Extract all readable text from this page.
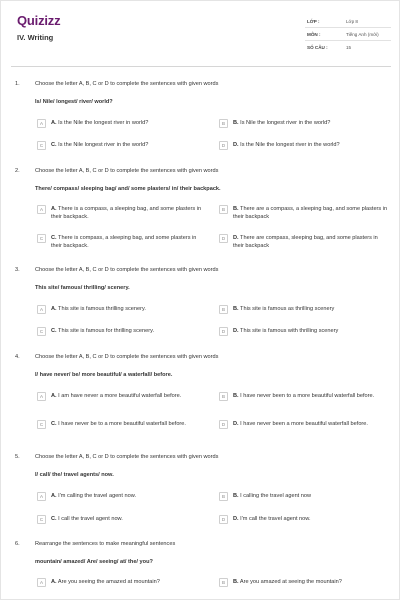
Quizizz
IV. Writing
LỚP :	Lớp 8
MÔN :	Tiếng Anh (mới)
SỐ CÂU :	15
1.	Choose the letter A, B, C or D to complete the sentences with given words
Is/ Nile/ longest/ river/ world?
A	A. Is the Nile the longest river in world?	B	B. Is Nile the longest river in the world?
C	C. Is the Nile longest river in the world?	D	D. Is the Nile the longest river in the world?
2.	Choose the letter A, B, C or D to complete the sentences with given words
There/ compass/ sleeping bag/ and/ some plasters/ in/ their backpack.
A	A. There is a compass, a sleeping bag, and some plasters in their backpack.
B	B. There are a compass, a sleeping bag, and some plasters in their backpack
C	C. There is compass, a sleeping bag, and some plasters in their backpack.
D	D. There are compass, sleeping bag, and some plasters in their backpack
3.	Choose the letter A, B, C or D to complete the sentences with given words
This site/ famous/ thrilling/ scenery.
A	A. This site is famous thrilling scenery.	B	B. This site is famous as thrilling scenery
C	C. This site is famous for thrilling scenery.	D	D. This site is famous with thrilling scenery
4.	Choose the letter A, B, C or D to complete the sentences with given words
I/ have never/ be/ more beautiful/ a waterfall/ before.
A	A. I am have never a more beautiful waterfall before.	B	B. I have never been to a more beautiful waterfall before.
C	C. I have never be to a more beautiful waterfall before.	D	D. I have never been a more beautiful waterfall before.
5.	Choose the letter A, B, C or D to complete the sentences with given words
I/ call/ the/ travel agents/ now.
A	A. I'm calling the travel agent now.	B	B. I calling the travel agent now
C	C. I call the travel agent now.	D	D. I'm call the travel agent now.
6.	Rearrange the sentences to make meaningful sentences
mountain/ amazed/ Are/ seeing/ at/ the/ you?
A	A. Are you seeing the amazed at mountain?	B	B. Are you amazed at seeing the mountain?
